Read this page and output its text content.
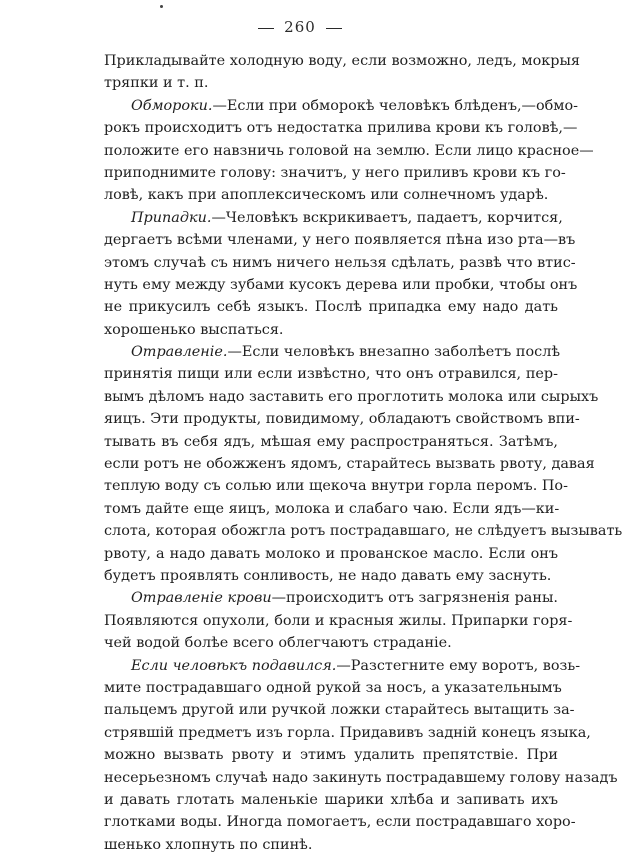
260
Прикладывайте холодную воду, если возможно, ледъ, мокрыя
тряпки и т. п.
Обмороки.—Если при обморокѣ человѣкъ блѣденъ,—обмо-
рокъ происходитъ отъ недостатка прилива крови къ головѣ,—
положите его навзничь головой на землю. Если лицо красное—
приподнимите голову: значитъ, у него приливъ крови къ го-
ловѣ, какъ при апоплексическомъ или солнечномъ ударѣ.
Припадки.—Человѣкъ вскрикиваетъ, падаетъ, корчится,
дергаетъ всѣми членами, у него появляется пѣна изо рта—въ
этомъ случаѣ съ нимъ ничего нельзя сдѣлать, развѣ что втис-
нуть ему между зубами кусокъ дерева или пробки, чтобы онъ
не прикусилъ себѣ языкъ. Послѣ припадка ему надо дать
хорошенько выспаться.
Отравленіе.—Если человѣкъ внезапно заболѣетъ послѣ
принятія пищи или если извѣстно, что онъ отравился, пер-
вымъ дѣломъ надо заставить его проглотить молока или сырыхъ
яицъ. Эти продукты, повидимому, обладаютъ свойствомъ впи-
тывать въ себя ядъ, мѣшая ему распространяться. Затѣмъ,
если ротъ не обожженъ ядомъ, старайтесь вызвать рвоту, давая
теплую воду съ солью или щекоча внутри горла перомъ. По-
томъ дайте еще яицъ, молока и слабаго чаю. Если ядъ—ки-
слота, которая обожгла ротъ пострадавшаго, не слѣдуетъ вызывать
рвоту, а надо давать молоко и прованское масло. Если онъ
будетъ проявлять сонливость, не надо давать ему заснуть.
Отравленіе крови—происходитъ отъ загрязненія раны.
Появляются опухоли, боли и красныя жилы. Припарки горя-
чей водой болѣе всего облегчаютъ страданіе.
Если человѣкъ подавился.—Разстегните ему воротъ, возь-
мите пострадавшаго одной рукой за носъ, а указательнымъ
пальцемъ другой или ручкой ложки старайтесь вытащить за-
стрявшій предметъ изъ горла. Придавивъ задній конецъ языка,
можно вызвать рвоту и этимъ удалить препятствіе. При
несерьезномъ случаѣ надо закинуть пострадавшему голову назадъ
и давать глотать маленькіе шарики хлѣба и запивать ихъ
глотками воды. Иногда помогаетъ, если пострадавшаго хоро-
шенько хлопнуть по спинѣ.
